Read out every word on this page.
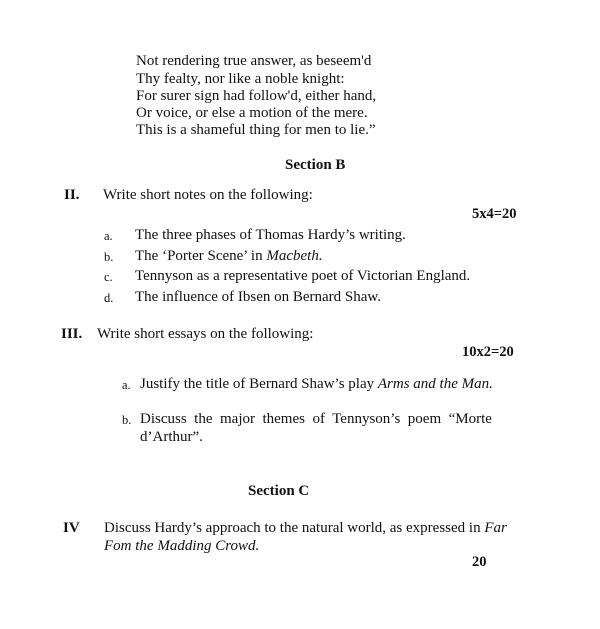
Not rendering true answer, as beseem'd
Thy fealty, nor like a noble knight:
For surer sign had follow'd, either hand,
Or voice, or else a motion of the mere.
This is a shameful thing for men to lie.”
Section B
II. Write short notes on the following:
5x4=20
a. The three phases of Thomas Hardy’s writing.
b. The ‘Porter Scene’ in Macbeth.
c. Tennyson as a representative poet of Victorian England.
d. The influence of Ibsen on Bernard Shaw.
III. Write short essays on the following:
10x2=20
a. Justify the title of Bernard Shaw’s play Arms and the Man.
b. Discuss  the  major  themes  of  Tennyson’s  poem  “Morte
d’Arthur”.
Section C
IV Discuss Hardy’s approach to the natural world, as expressed in Far
Fom the Madding Crowd.
20
